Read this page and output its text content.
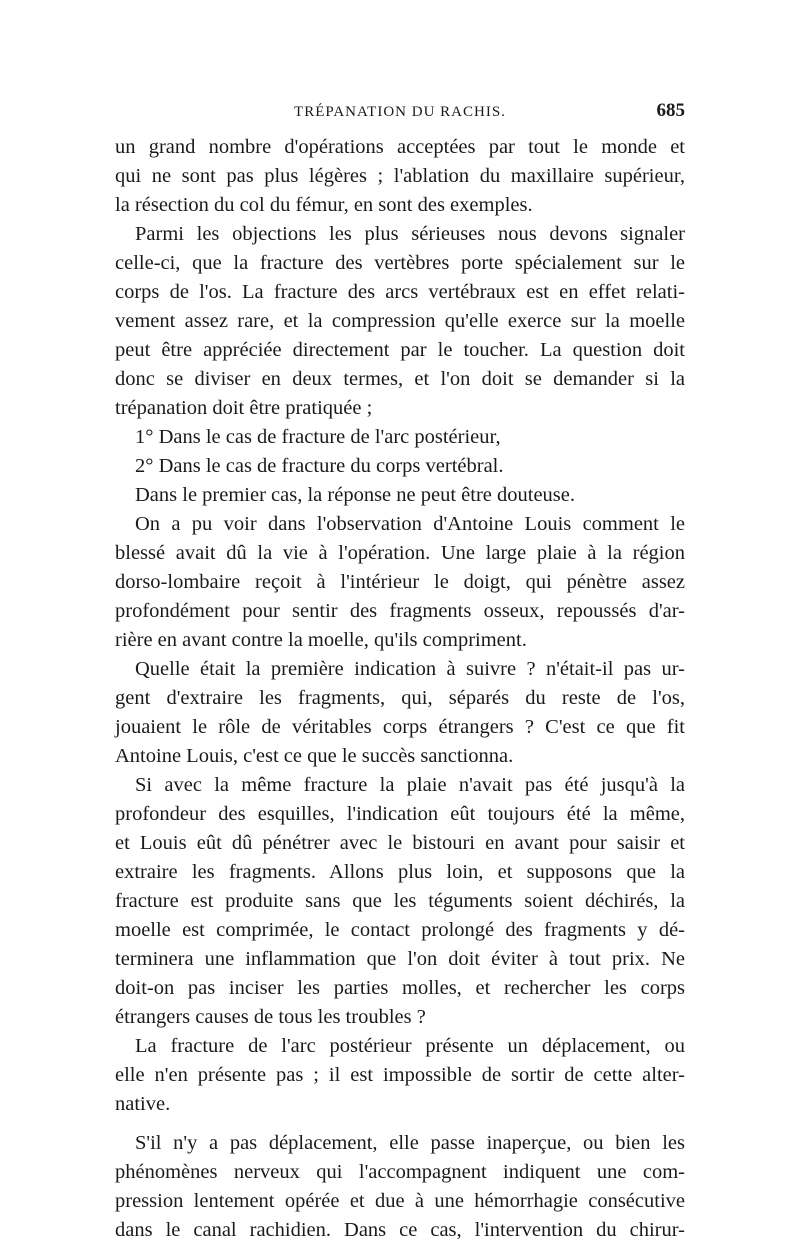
TRÉPANATION DU RACHIS.	685
un grand nombre d'opérations acceptées par tout le monde et
qui ne sont pas plus légères ; l'ablation du maxillaire supérieur,
la résection du col du fémur, en sont des exemples.
Parmi les objections les plus sérieuses nous devons signaler
celle-ci, que la fracture des vertèbres porte spécialement sur le
corps de l'os. La fracture des arcs vertébraux est en effet relati-
vement assez rare, et la compression qu'elle exerce sur la moelle
peut être appréciée directement par le toucher. La question doit
donc se diviser en deux termes, et l'on doit se demander si la
trépanation doit être pratiquée ;
1° Dans le cas de fracture de l'arc postérieur,
2° Dans le cas de fracture du corps vertébral.
Dans le premier cas, la réponse ne peut être douteuse.
On a pu voir dans l'observation d'Antoine Louis comment le
blessé avait dû la vie à l'opération. Une large plaie à la région
dorso-lombaire reçoit à l'intérieur le doigt, qui pénètre assez
profondément pour sentir des fragments osseux, repoussés d'ar-
rière en avant contre la moelle, qu'ils compriment.
Quelle était la première indication à suivre ? n'était-il pas ur-
gent d'extraire les fragments, qui, séparés du reste de l'os,
jouaient le rôle de véritables corps étrangers ? C'est ce que fit
Antoine Louis, c'est ce que le succès sanctionna.
Si avec la même fracture la plaie n'avait pas été jusqu'à la
profondeur des esquilles, l'indication eût toujours été la même,
et Louis eût dû pénétrer avec le bistouri en avant pour saisir et
extraire les fragments. Allons plus loin, et supposons que la
fracture est produite sans que les téguments soient déchirés, la
moelle est comprimée, le contact prolongé des fragments y dé-
terminera une inflammation que l'on doit éviter à tout prix. Ne
doit-on pas inciser les parties molles, et rechercher les corps
étrangers causes de tous les troubles ?
La fracture de l'arc postérieur présente un déplacement, ou
elle n'en présente pas ; il est impossible de sortir de cette alter-
native.
S'il n'y a pas déplacement, elle passe inaperçue, ou bien les
phénomènes nerveux qui l'accompagnent indiquent une com-
pression lentement opérée et due à une hémorrhagie consécutive
dans le canal rachidien. Dans ce cas, l'intervention du chirur-
